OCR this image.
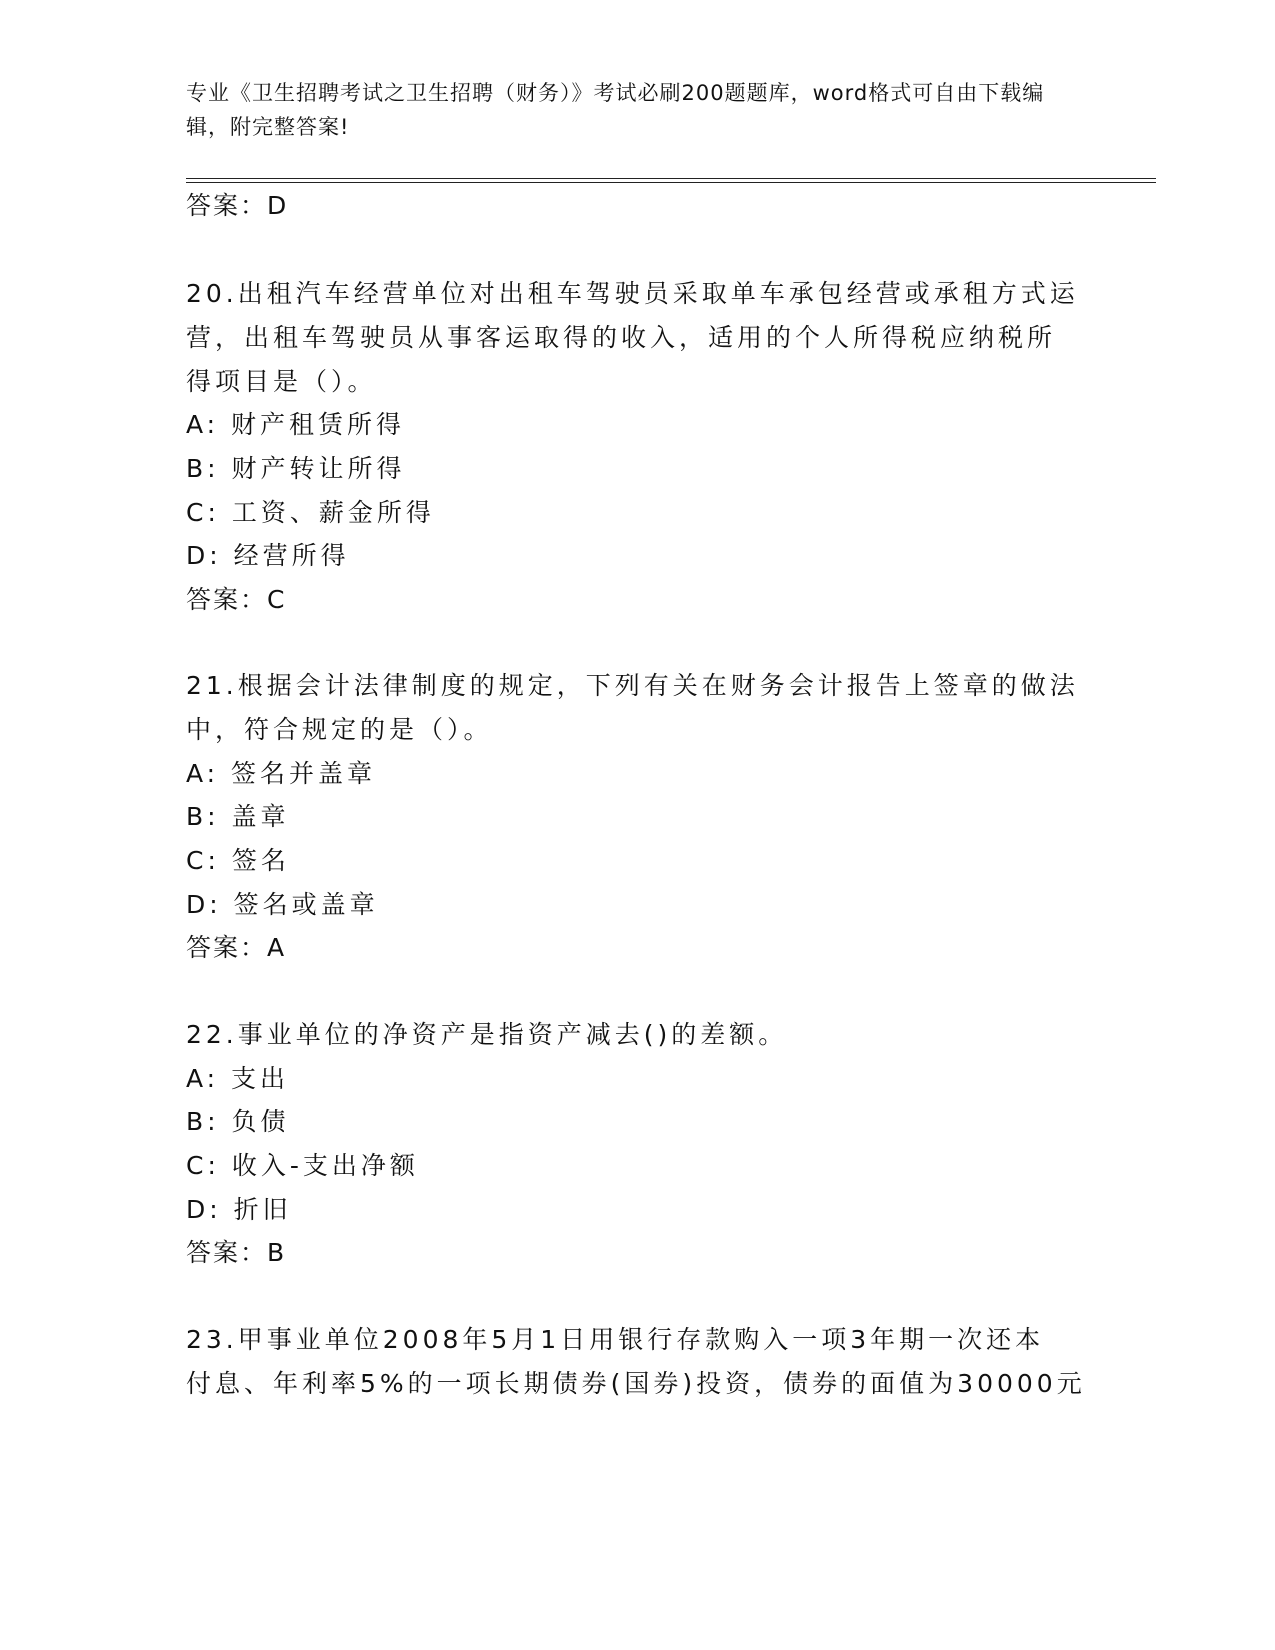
专业《卫生招聘考试之卫生招聘（财务）》考试必刷200题题库，word格式可自由下载编辑，附完整答案!
答案：D
20.出租汽车经营单位对出租车驾驶员采取单车承包经营或承租方式运
营，出租车驾驶员从事客运取得的收入，适用的个人所得税应纳税所
得项目是（）。
A: 财产租赁所得
B: 财产转让所得
C: 工资、薪金所得
D: 经营所得
答案：C
21.根据会计法律制度的规定，下列有关在财务会计报告上签章的做法
中，符合规定的是（）。
A: 签名并盖章
B: 盖章
C: 签名
D: 签名或盖章
答案：A
22.事业单位的净资产是指资产减去()的差额。
A: 支出
B: 负债
C: 收入-支出净额
D: 折旧
答案：B
23.甲事业单位2008年5月1日用银行存款购入一项3年期一次还本
付息、年利率5%的一项长期债券(国券)投资，债券的面值为30000元
